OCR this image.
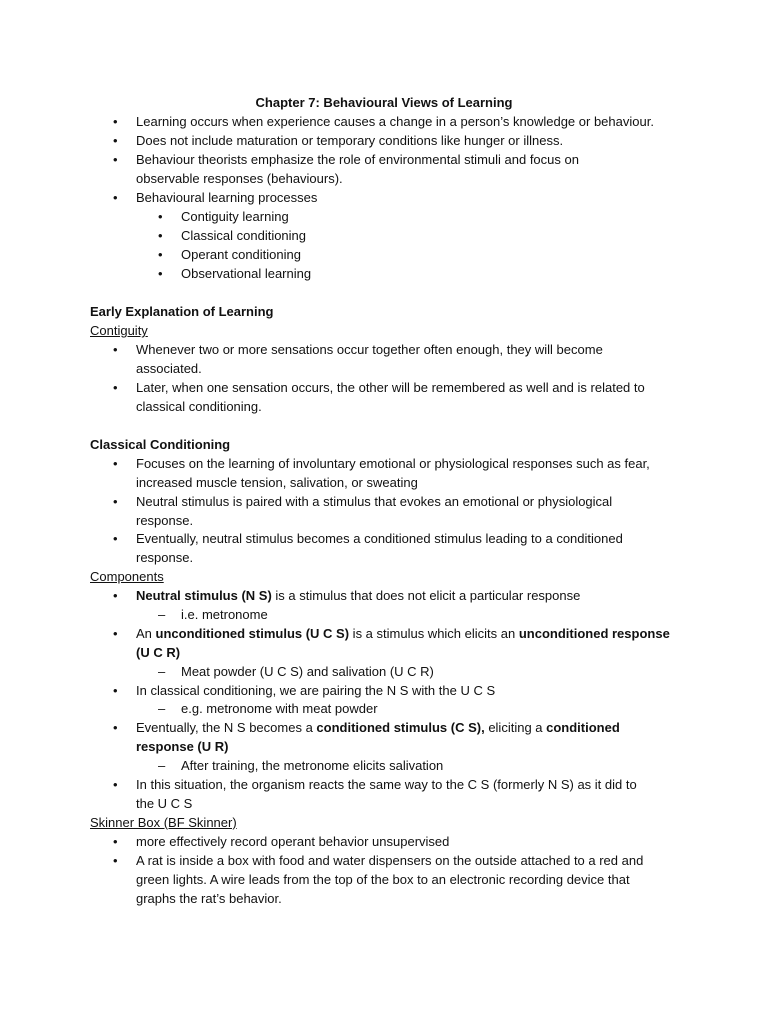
Chapter 7: Behavioural Views of Learning
• Learning occurs when experience causes a change in a person’s knowledge or behaviour.
• Does not include maturation or temporary conditions like hunger or illness.
• Behaviour theorists emphasize the role of environmental stimuli and focus on
observable responses (behaviours).
• Behavioural learning processes
• Contiguity learning
• Classical conditioning
• Operant conditioning
• Observational learning
Early Explanation of Learning
Contiguity
• Whenever two or more sensations occur together often enough, they will become
associated.
• Later, when one sensation occurs, the other will be remembered as well and is related to
classical conditioning.
Classical Conditioning
• Focuses on the learning of involuntary emotional or physiological responses such as fear,
increased muscle tension, salivation, or sweating
• Neutral stimulus is paired with a stimulus that evokes an emotional or physiological
response.
• Eventually, neutral stimulus becomes a conditioned stimulus leading to a conditioned
response.
Components
• Neutral stimulus (N S) is a stimulus that does not elicit a particular response
– i.e. metronome
• An unconditioned stimulus (U C S) is a stimulus which elicits an unconditioned response
(U C R)
– Meat powder (U C S) and salivation (U C R)
• In classical conditioning, we are pairing the N S with the U C S
– e.g. metronome with meat powder
• Eventually, the N S becomes a conditioned stimulus (C S), eliciting a conditioned
response (U R)
– After training, the metronome elicits salivation
• In this situation, the organism reacts the same way to the C S (formerly N S) as it did to
the U C S
Skinner Box (BF Skinner)
• more effectively record operant behavior unsupervised
• A rat is inside a box with food and water dispensers on the outside attached to a red and
green lights. A wire leads from the top of the box to an electronic recording device that
graphs the rat’s behavior.
